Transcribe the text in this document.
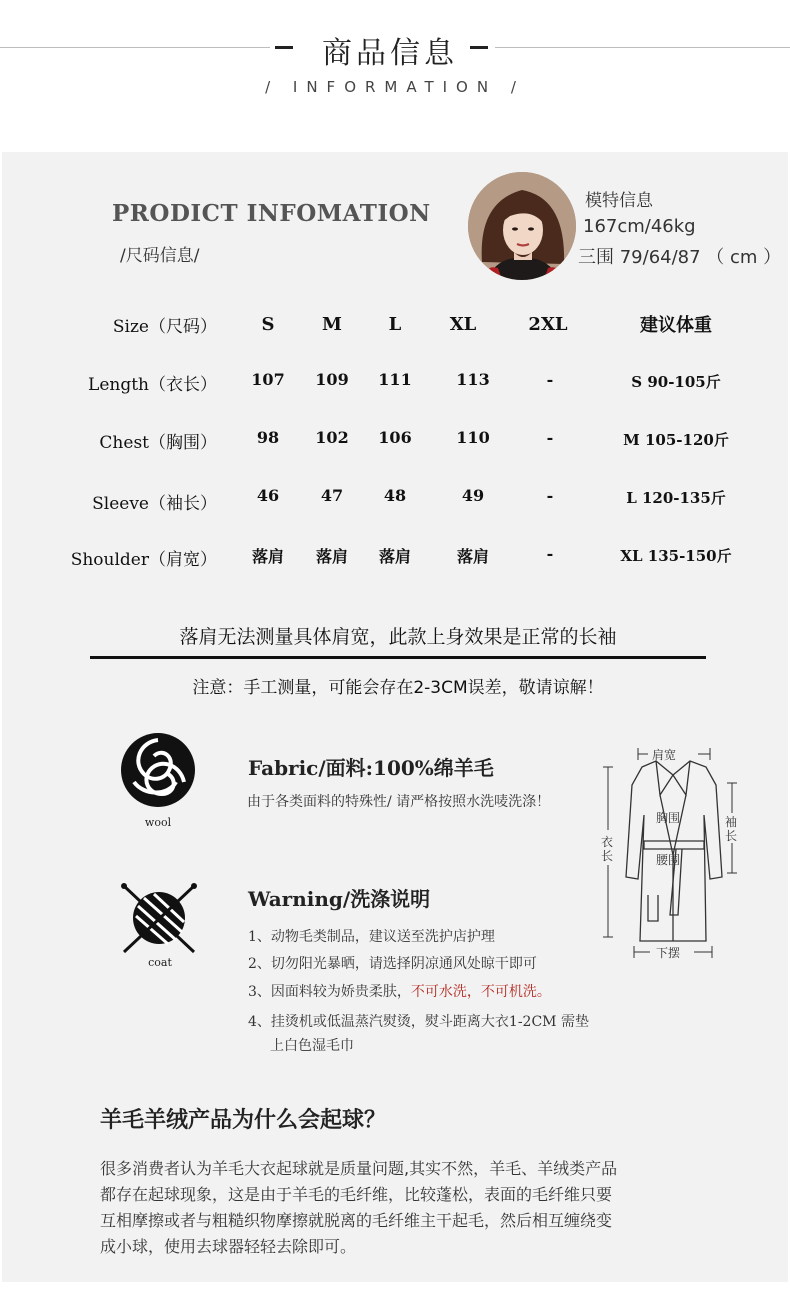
商品信息
/ INFORMATION /
PRODICT INFOMATION
/尺码信息/
模特信息
167cm/46kg
三围 79/64/87 （ cm ）
Size（尺码）	S	M	L	XL	2XL	建议体重
Length（衣长）	107	109	111	113	-	S 90-105斤
Chest（胸围）	98	102	106	110	-	M 105-120斤
Sleeve（袖长）	46	47	48	49	-	L 120-135斤
Shoulder（肩宽）	落肩	落肩	落肩	落肩	-	XL 135-150斤
落肩无法测量具体肩宽，此款上身效果是正常的长袖
注意：手工测量，可能会存在2-3CM误差，敬请谅解！
wool
Fabric/面料:100%绵羊毛
由于各类面料的特殊性/ 请严格按照水洗唛洗涤！
coat
Warning/洗涤说明
1、动物毛类制品，建议送至洗护店护理
2、切勿阳光暴晒，请选择阴凉通风处晾干即可
3、因面料较为娇贵柔肤，不可水洗，不可机洗。
4、挂烫机或低温蒸汽熨烫，熨斗距离大衣1-2CM 需垫
上白色湿毛巾
肩宽
胸围
腰围
衣长
袖长
下摆
羊毛羊绒产品为什么会起球？
很多消费者认为羊毛大衣起球就是质量问题,其实不然，羊毛、羊绒类产品
都存在起球现象，这是由于羊毛的毛纤维，比较蓬松，表面的毛纤维只要
互相摩擦或者与粗糙织物摩擦就脱离的毛纤维主干起毛，然后相互缠绕变
成小球，使用去球器轻轻去除即可。
